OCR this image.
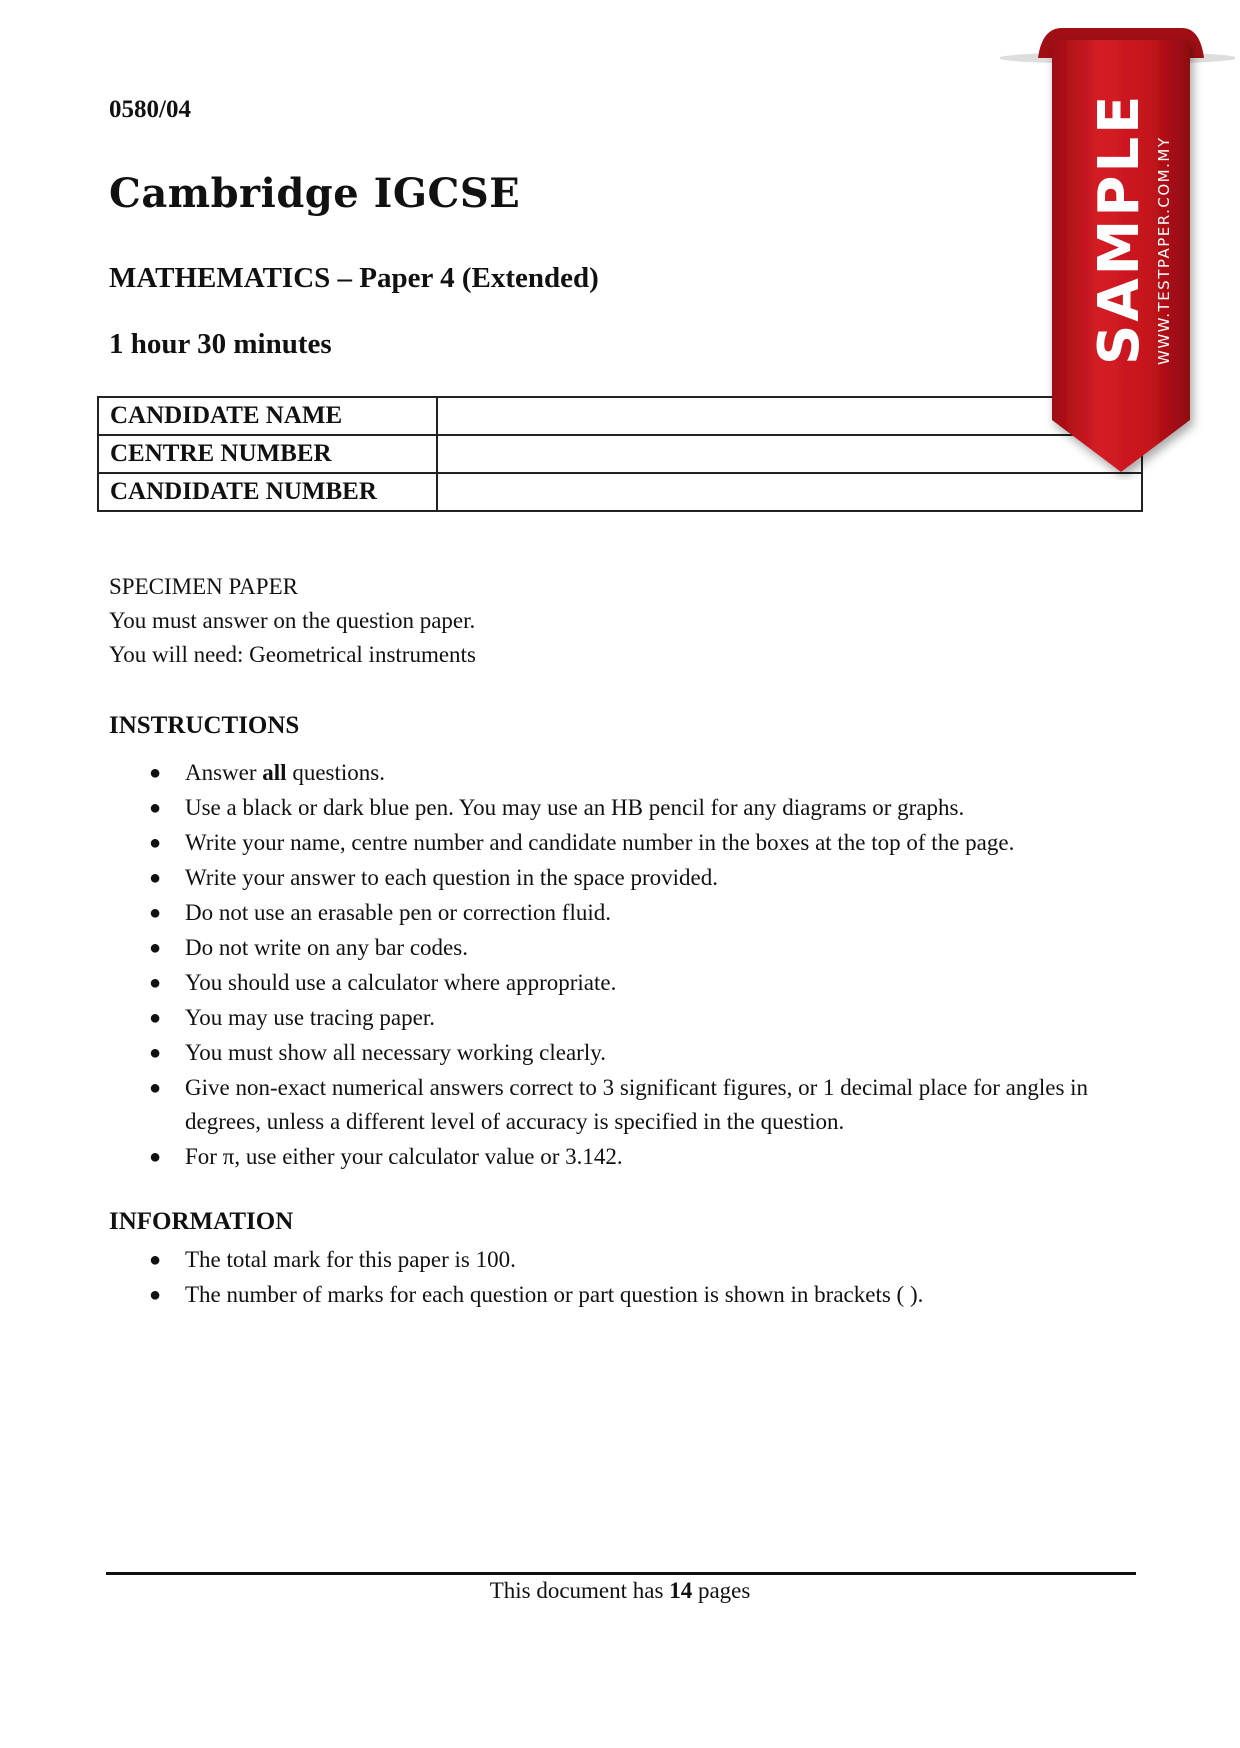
0580/04
Cambridge IGCSE
MATHEMATICS – Paper 4 (Extended)
1 hour 30 minutes
CANDIDATE NAME	
CENTRE NUMBER	
CANDIDATE NUMBER	
SPECIMEN PAPER
You must answer on the question paper.
You will need: Geometrical instruments
INSTRUCTIONS
● Answer all questions.
● Use a black or dark blue pen. You may use an HB pencil for any diagrams or graphs.
● Write your name, centre number and candidate number in the boxes at the top of the page.
● Write your answer to each question in the space provided.
● Do not use an erasable pen or correction fluid.
● Do not write on any bar codes.
● You should use a calculator where appropriate.
● You may use tracing paper.
● You must show all necessary working clearly.
● Give non-exact numerical answers correct to 3 significant figures, or 1 decimal place for angles in degrees, unless a different level of accuracy is specified in the question.
● For π, use either your calculator value or 3.142.
INFORMATION
● The total mark for this paper is 100.
● The number of marks for each question or part question is shown in brackets ( ).
This document has 14 pages
SAMPLE WWW.TESTPAPER.COM.MY
